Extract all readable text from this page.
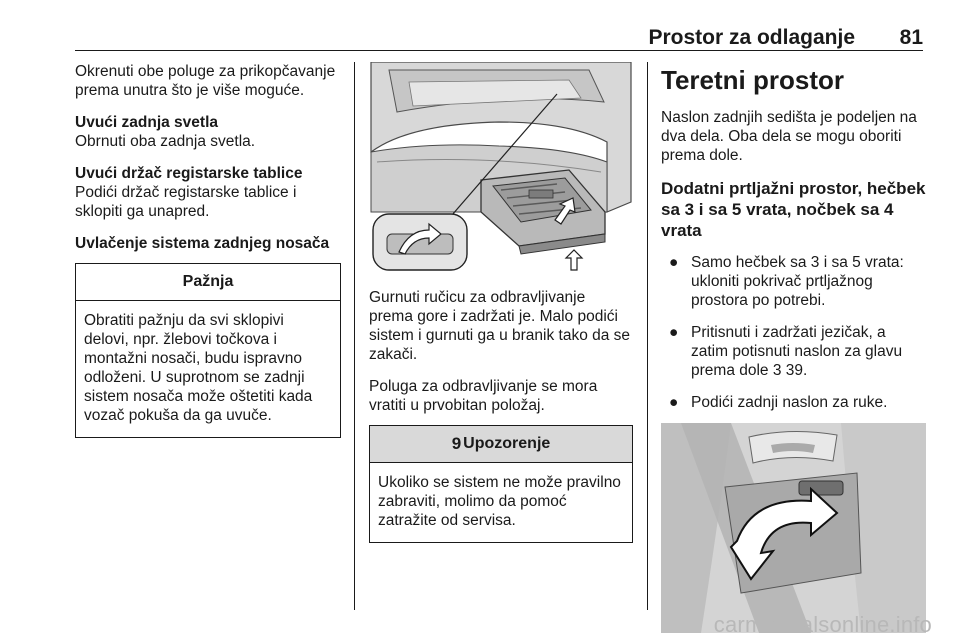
Prostor za odlaganje 81

Okrenuti obe poluge za prikopčavanje prema unutra što je više moguće.

Uvući zadnja svetla

Obrnuti oba zadnja svetla.

Uvući držač registarske tablice

Podići držač registarske tablice i sklopiti ga unapred.

Uvlačenje sistema zadnjeg nosača

Pažnja
Obratiti pažnju da svi sklopivi delovi, npr. žlebovi točkova i montažni nosači, budu ispravno odloženi. U suprotnom se zadnji sistem nosača može oštetiti kada vozač pokuša da ga uvuče.

Gurnuti ručicu za odbravljivanje prema gore i zadržati je. Malo podići sistem i gurnuti ga u branik tako da se zakači.

Poluga za odbravljivanje se mora vratiti u prvobitan položaj.

9 Upozorenje
Ukoliko se sistem ne može pravilno zabraviti, molimo da pomoć zatražite od servisa.
Teretni prostor

Naslon zadnjih sedišta je podeljen na dva dela. Oba dela se mogu oboriti prema dole.

Dodatni prtljažni prostor, hečbek sa 3 i sa 5 vrata, nočbek sa 4 vrata
● Samo hečbek sa 3 i sa 5 vrata: ukloniti pokrivač prtljažnog prostora po potrebi.
● Pritisnuti i zadržati jezičak, a zatim potisnuti naslon za glavu prema dole 3 39.
● Podići zadnji naslon za ruke.
carmanualsonline.info
